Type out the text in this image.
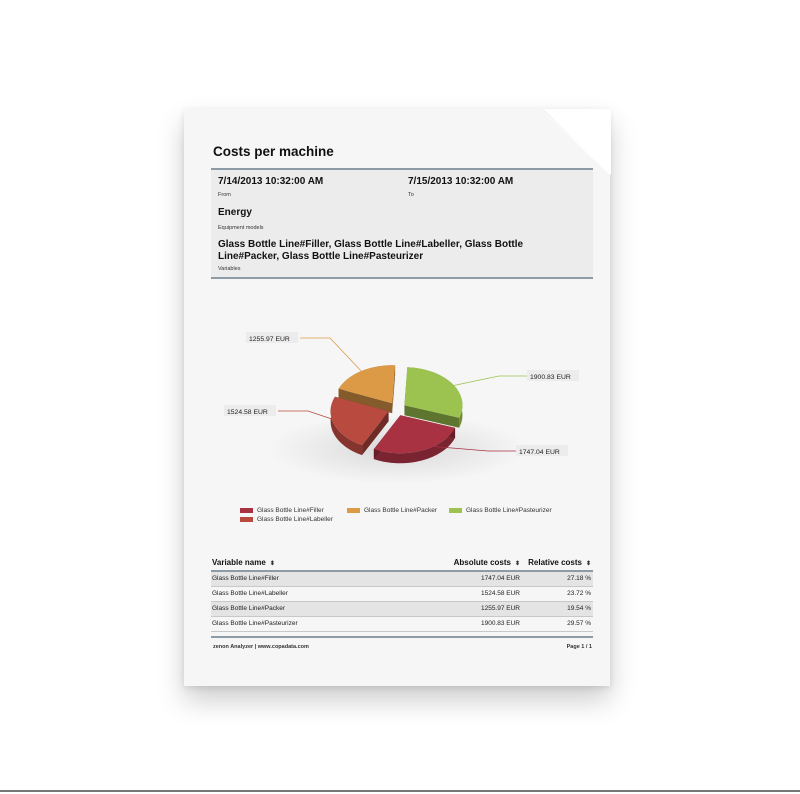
Costs per machine
7/14/2013 10:32:00 AM
From
7/15/2013 10:32:00 AM
To
Energy
Equipment models
Glass Bottle Line#Filler, Glass Bottle Line#Labeller, Glass Bottle Line#Packer, Glass Bottle Line#Pasteurizer
Variables
1900.83 EUR
1747.04 EUR
1524.58 EUR
1255.97 EUR
Glass Bottle Line#Filler	Glass Bottle Line#Packer	Glass Bottle Line#Pasteurizer
Glass Bottle Line#Labeller
Variable name ⬍	Absolute costs ⬍ Relative costs ⬍
Glass Bottle Line#Filler	1747.04 EUR	27.18 %
Glass Bottle Line#Labeller	1524.58 EUR	23.72 %
Glass Bottle Line#Packer	1255.97 EUR	19.54 %
Glass Bottle Line#Pasteurizer	1900.83 EUR	29.57 %
zenon Analyzer | www.copadata.com	Page 1 / 1
